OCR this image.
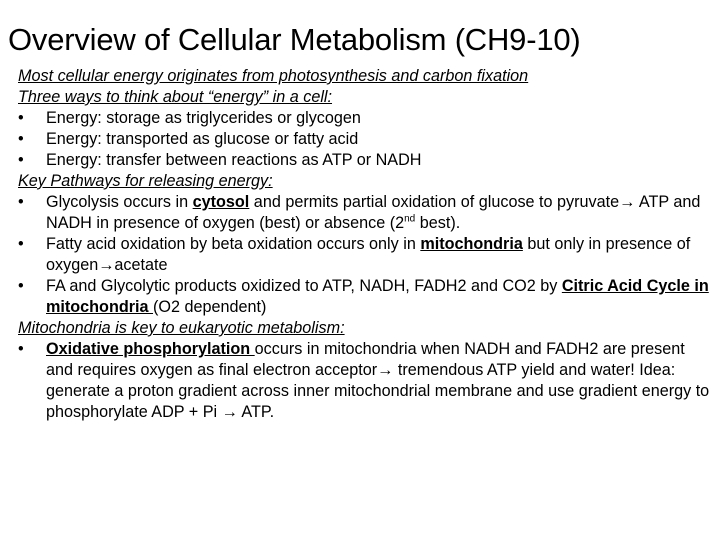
Overview of Cellular Metabolism (CH9-10)
Most cellular energy originates from photosynthesis and carbon fixation
Three ways to think about “energy” in a cell:
•	Energy: storage as triglycerides or glycogen
•	Energy: transported as glucose or fatty acid
•	Energy: transfer between reactions as ATP or NADH
Key Pathways for releasing energy:
•	Glycolysis occurs in cytosol and permits partial oxidation of glucose to pyruvate→ ATP and NADH in presence of oxygen (best) or absence (2nd best).
•	Fatty acid oxidation by beta oxidation occurs only in mitochondria but only in presence of oxygen→acetate
•	FA and Glycolytic products oxidized to ATP, NADH, FADH2 and CO2 by Citric Acid Cycle in mitochondria (O2 dependent)
Mitochondria is key to eukaryotic metabolism:
•	Oxidative phosphorylation occurs in mitochondria when NADH and FADH2 are present and requires oxygen as final electron acceptor→ tremendous ATP yield and water! Idea: generate a proton gradient across inner mitochondrial membrane and use gradient energy to phosphorylate ADP + Pi → ATP.
